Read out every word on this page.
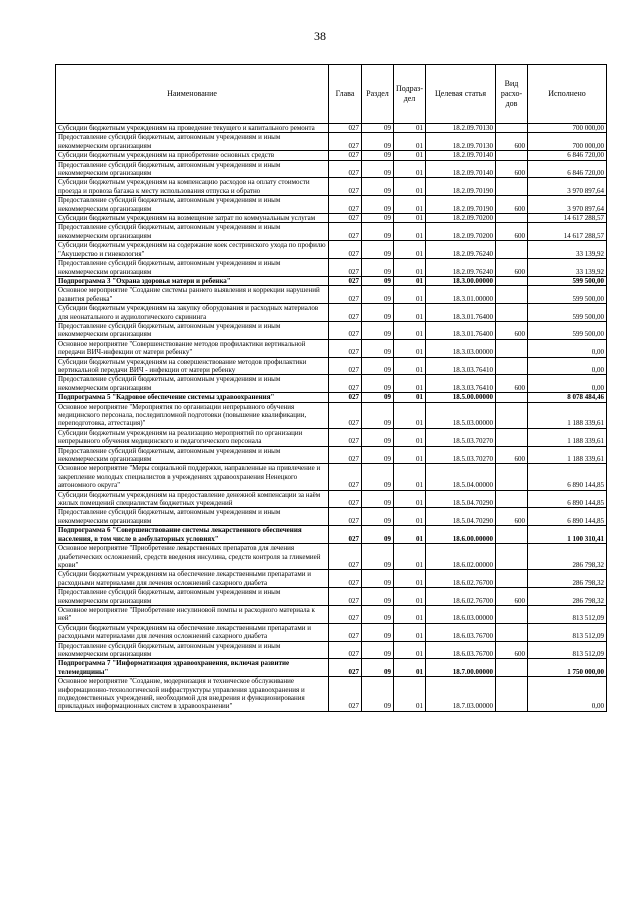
38
Наименование	Глава	Раздел	Подраз-дел	Целевая статья	Вид расхо-дов	Исполнено
Субсидии бюджетным учреждениям на проведение текущего и капитального ремонта	027	09	01	18.2.09.70130		700 000,00
Предоставление субсидий бюджетным, автономным учреждениям и иным некоммерческим организациям	027	09	01	18.2.09.70130	600	700 000,00
Субсидии бюджетным учреждениям на приобретение основных средств	027	09	01	18.2.09.70140		6 846 720,00
Предоставление субсидий бюджетным, автономным учреждениям и иным некоммерческим организациям	027	09	01	18.2.09.70140	600	6 846 720,00
Субсидии бюджетным учреждениям на компенсацию расходов на оплату стоимости проезда и провоза багажа к месту использования отпуска и обратно	027	09	01	18.2.09.70190		3 970 897,64
Предоставление субсидий бюджетным, автономным учреждениям и иным некоммерческим организациям	027	09	01	18.2.09.70190	600	3 970 897,64
Субсидии бюджетным учреждениям на возмещение затрат по коммунальным услугам	027	09	01	18.2.09.70200		14 617 288,57
Предоставление субсидий бюджетным, автономным учреждениям и иным некоммерческим организациям	027	09	01	18.2.09.70200	600	14 617 288,57
Субсидии бюджетным учреждениям на содержание коек сестринского ухода по профилю "Акушерство и гинекология"	027	09	01	18.2.09.76240		33 139,92
Предоставление субсидий бюджетным, автономным учреждениям и иным некоммерческим организациям	027	09	01	18.2.09.76240	600	33 139,92
Подпрограмма 3 "Охрана здоровья матери и ребенка"	027	09	01	18.3.00.00000		599 500,00
Основное мероприятие "Создание системы раннего выявления и коррекции нарушений развития ребенка"	027	09	01	18.3.01.00000		599 500,00
Субсидии бюджетным учреждениям на закупку оборудования и расходных материалов для неонатального и аудиологического скрининга	027	09	01	18.3.01.76400		599 500,00
Предоставление субсидий бюджетным, автономным учреждениям и иным некоммерческим организациям	027	09	01	18.3.01.76400	600	599 500,00
Основное мероприятие "Совершенствование методов профилактики вертикальной передачи ВИЧ-инфекции от матери ребенку"	027	09	01	18.3.03.00000		0,00
Субсидии бюджетным учреждениям на совершенствование методов профилактики вертикальной передачи ВИЧ - инфекции от матери ребенку	027	09	01	18.3.03.76410		0,00
Предоставление субсидий бюджетным, автономным учреждениям и иным некоммерческим организациям	027	09	01	18.3.03.76410	600	0,00
Подпрограмма 5 "Кадровое обеспечение системы здравоохранения"	027	09	01	18.5.00.00000		8 078 484,46
Основное мероприятие "Мероприятия по организации непрерывного обучения медицинского персонала, последипломной подготовки (повышение квалификации, переподготовка, аттестация)"	027	09	01	18.5.03.00000		1 188 339,61
Субсидии бюджетным учреждениям на реализацию мероприятий по организации непрерывного обучения медицинского и педагогического персонала	027	09	01	18.5.03.70270		1 188 339,61
Предоставление субсидий бюджетным, автономным учреждениям и иным некоммерческим организациям	027	09	01	18.5.03.70270	600	1 188 339,61
Основное мероприятие "Меры социальной поддержки, направленные на привлечение и закрепление молодых специалистов в учреждениях здравоохранения Ненецкого автономного округа"	027	09	01	18.5.04.00000		6 890 144,85
Субсидии бюджетным учреждениям на предоставление денежной компенсации за наём жилых помещений специалистам бюджетных учреждений	027	09	01	18.5.04.70290		6 890 144,85
Предоставление субсидий бюджетным, автономным учреждениям и иным некоммерческим организациям	027	09	01	18.5.04.70290	600	6 890 144,85
Подпрограмма 6 "Совершенствование системы лекарственного обеспечения населения, в том числе в амбулаторных условиях"	027	09	01	18.6.00.00000		1 100 310,41
Основное мероприятие "Приобретение лекарственных препаратов для лечения диабетических осложнений, средств введения инсулина, средств контроля за гликемией крови"	027	09	01	18.6.02.00000		286 798,32
Субсидии бюджетным учреждениям на обеспечение лекарственными препаратами и расходными материалами для лечения осложнений сахарного диабета	027	09	01	18.6.02.76700		286 798,32
Предоставление субсидий бюджетным, автономным учреждениям и иным некоммерческим организациям	027	09	01	18.6.02.76700	600	286 798,32
Основное мероприятие "Приобретение инсулиновой помпы и расходного материала к ней"	027	09	01	18.6.03.00000		813 512,09
Субсидии бюджетным учреждениям на обеспечение лекарственными препаратами и расходными материалами для лечения осложнений сахарного диабета	027	09	01	18.6.03.76700		813 512,09
Предоставление субсидий бюджетным, автономным учреждениям и иным некоммерческим организациям	027	09	01	18.6.03.76700	600	813 512,09
Подпрограмма 7 "Информатизация здравоохранения, включая развитие телемедицины"	027	09	01	18.7.00.00000		1 750 000,00
Основное мероприятие "Создание, модернизация и техническое обслуживание информационно-технологической инфраструктуры управления здравоохранения и подведомственных учреждений, необходимой для внедрения и функционирования прикладных информационных систем в здравоохранении"	027	09	01	18.7.03.00000		0,00
